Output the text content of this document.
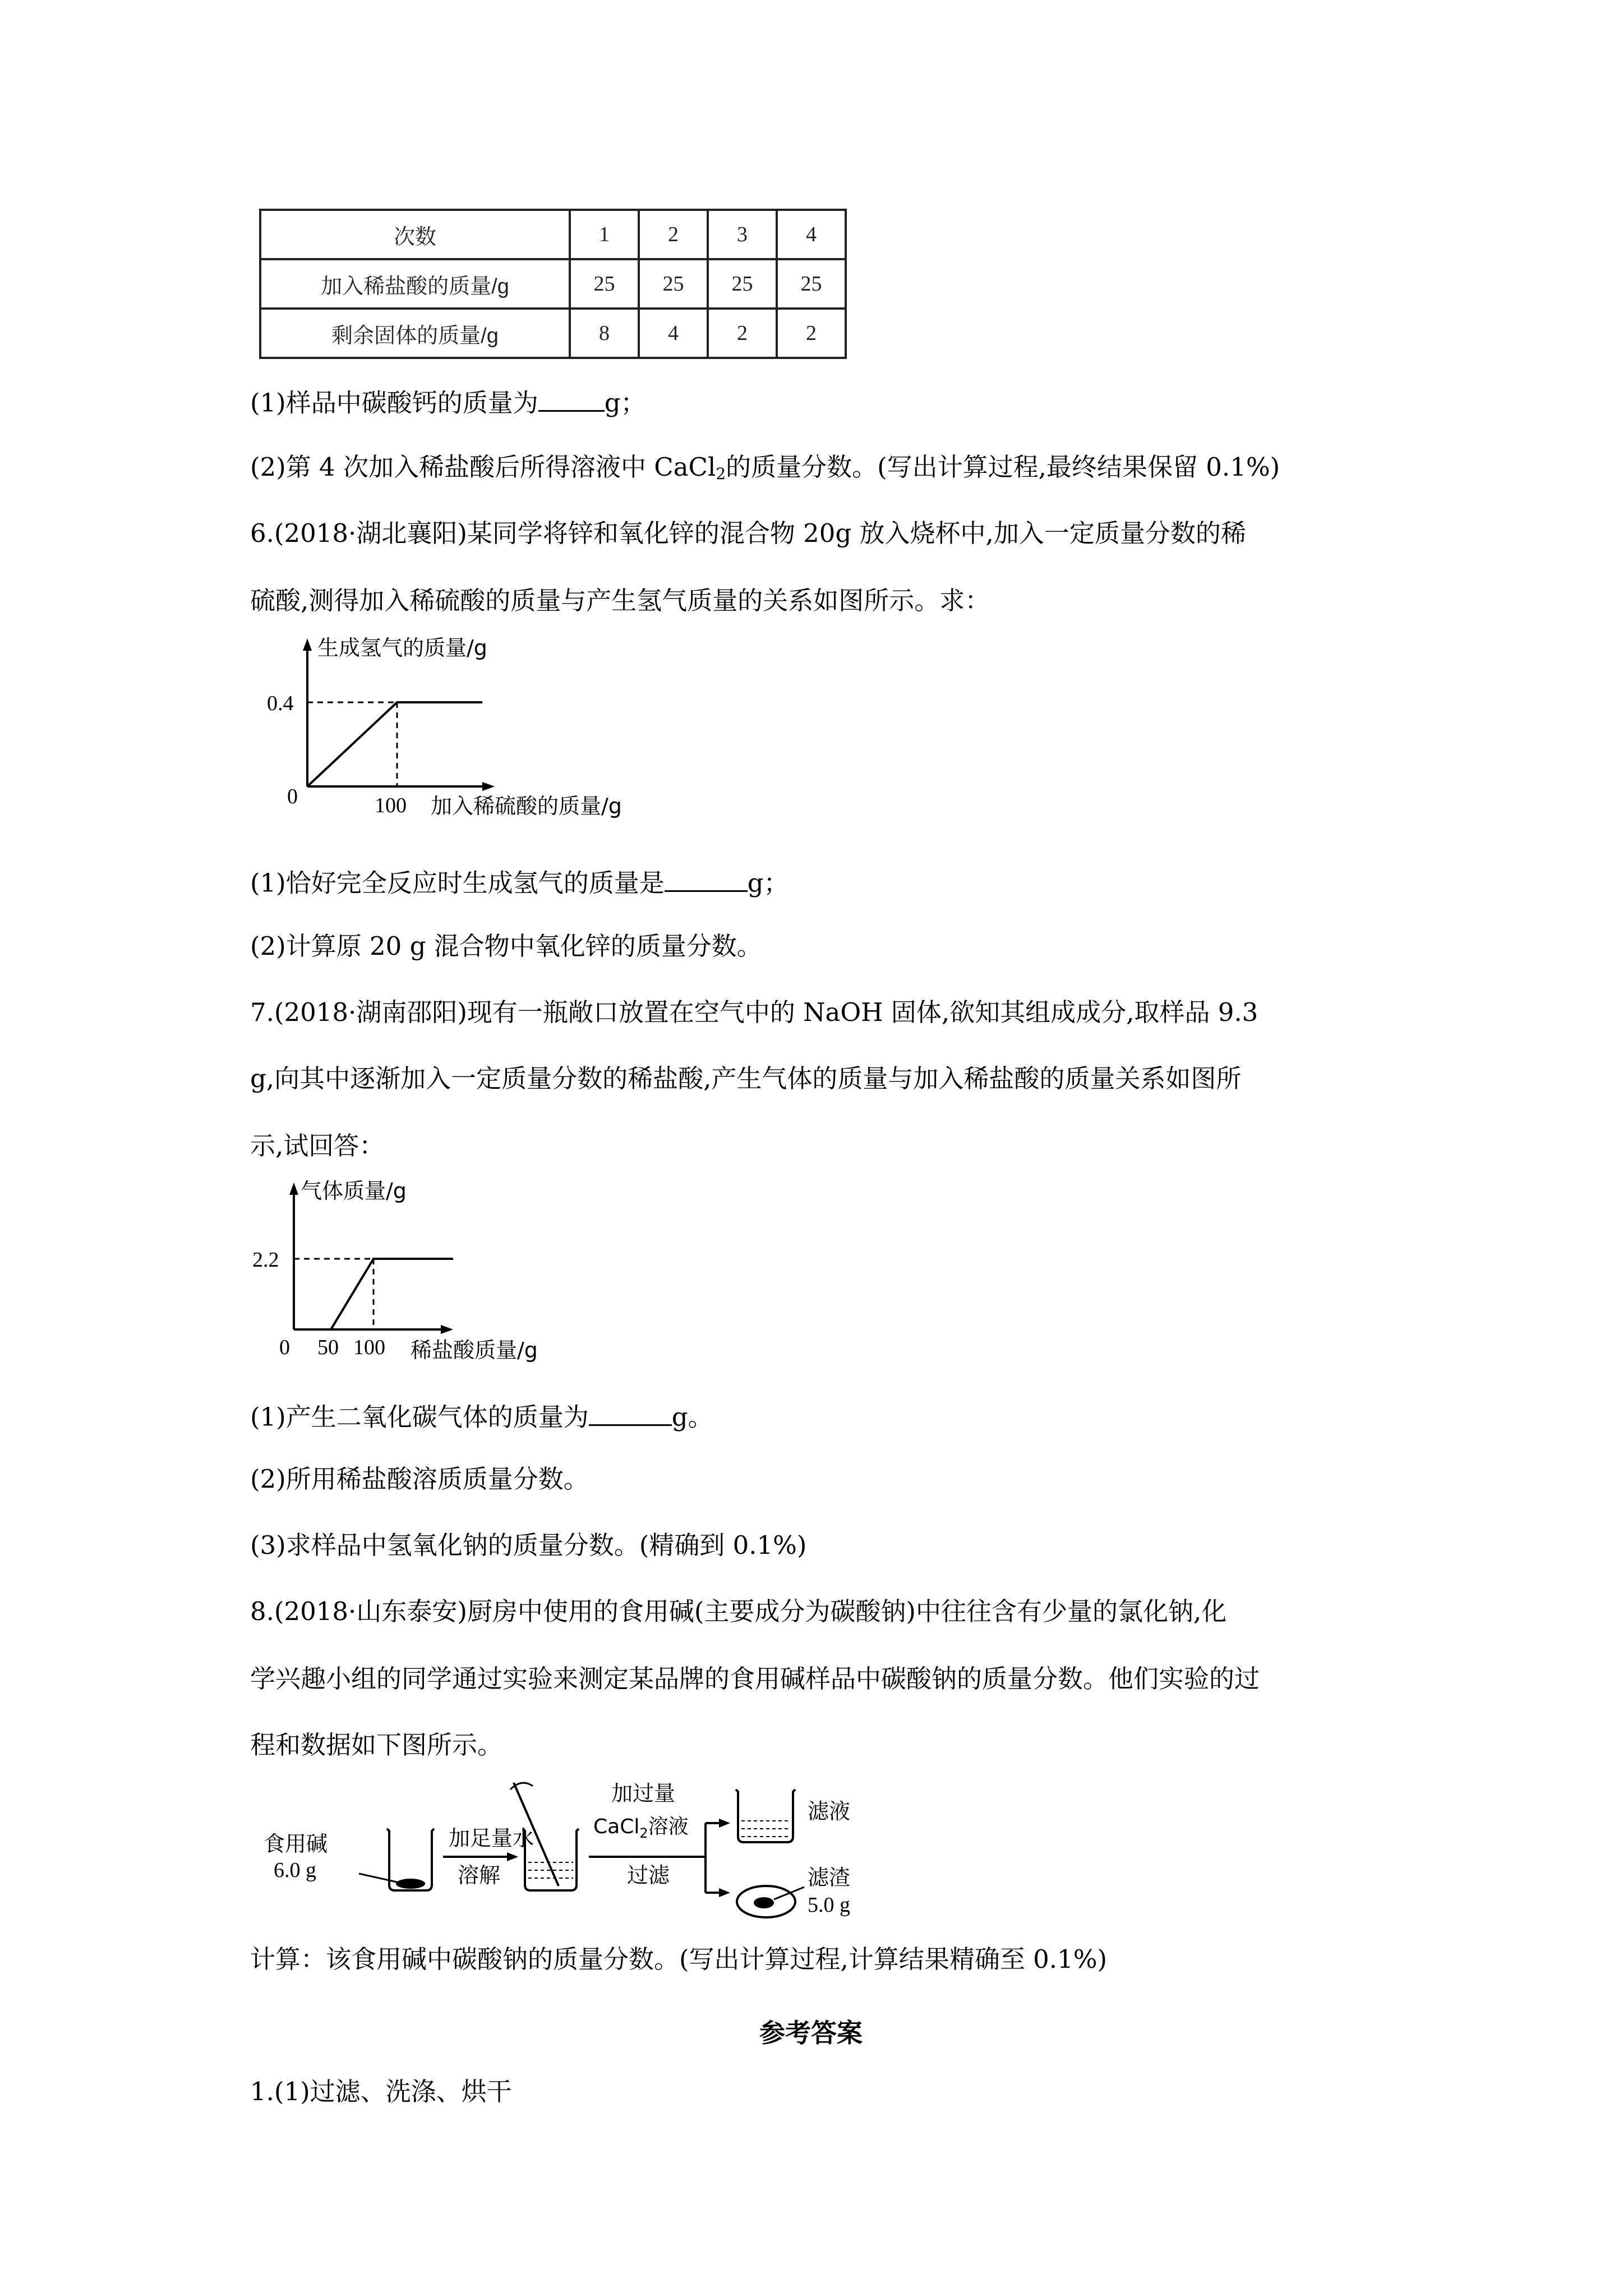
次数	1	2	3	4
加入稀盐酸的质量/g	25	25	25	25
剩余固体的质量/g	8	4	2	2
(1)样品中碳酸钙的质量为	g；
(2)第 4 次加入稀盐酸后所得溶液中 CaCl$_2$的质量分数。(写出计算过程,最终结果保留 0.1%)
6.(2018·湖北襄阳)某同学将锌和氧化锌的混合物 20g 放入烧杯中,加入一定质量分数的稀
硫酸,测得加入稀硫酸的质量与产生氢气质量的关系如图所示。求：
生成氢气的质量/g
0.4
0	100 加入稀硫酸的质量/g
(1)恰好完全反应时生成氢气的质量是	g；
(2)计算原 20 g 混合物中氧化锌的质量分数。
7.(2018·湖南邵阳)现有一瓶敞口放置在空气中的 NaOH 固体,欲知其组成成分,取样品 9.3
g,向其中逐渐加入一定质量分数的稀盐酸,产生气体的质量与加入稀盐酸的质量关系如图所
示,试回答：
气体质量/g
2.2
0 50 100 稀盐酸质量/g
(1)产生二氧化碳气体的质量为	g。
(2)所用稀盐酸溶质质量分数。
(3)求样品中氢氧化钠的质量分数。(精确到 0.1%)
8.(2018·山东泰安)厨房中使用的食用碱(主要成分为碳酸钠)中往往含有少量的氯化钠,化
学兴趣小组的同学通过实验来测定某品牌的食用碱样品中碳酸钠的质量分数。他们实验的过
程和数据如下图所示。
食用碱
6.0 g
加足量水
溶解
加过量
CaCl$_2$溶液
过滤
滤液
滤渣
5.0 g
计算：该食用碱中碳酸钠的质量分数。(写出计算过程,计算结果精确至 0.1%)
参考答案
1.(1)过滤、洗涤、烘干
